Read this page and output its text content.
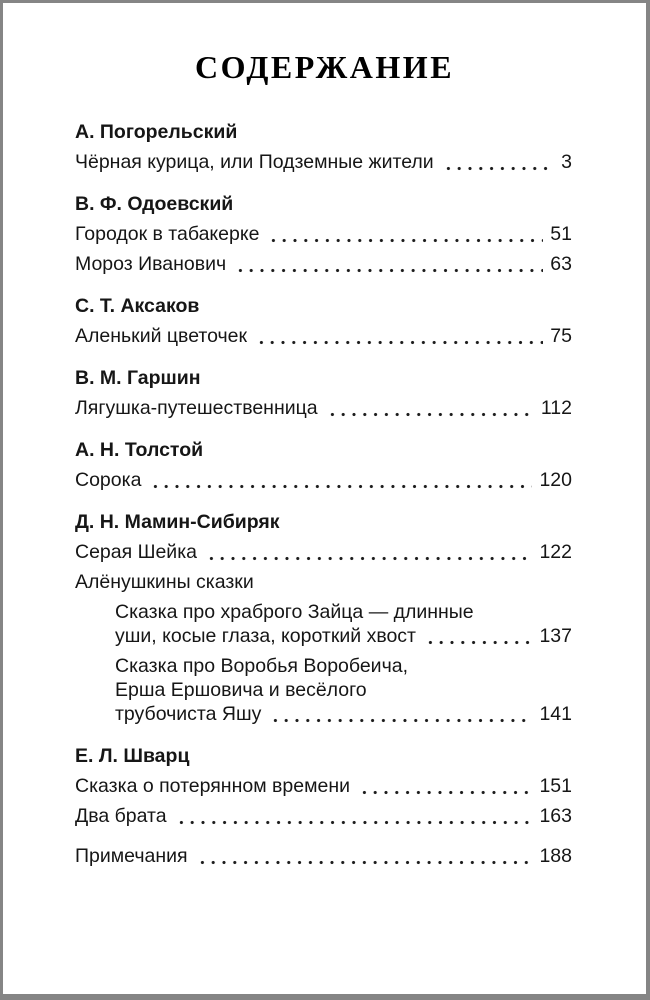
СОДЕРЖАНИЕ
А. Погорельский
Чёрная курица, или Подземные жители	3
В. Ф. Одоевский
Городок в табакерке	51
Мороз Иванович	63
С. Т. Аксаков
Аленький цветочек	75
В. М. Гаршин
Лягушка-путешественница	112
А. Н. Толстой
Сорока	120
Д. Н. Мамин-Сибиряк
Серая Шейка	122
Алёнушкины сказки
Сказка про храброго Зайца — длинные
уши, косые глаза, короткий хвост	137
Сказка про Воробья Воробеича,
Ерша Ершовича и весёлого
трубочиста Яшу	141
Е. Л. Шварц
Сказка о потерянном времени	151
Два брата	163
Примечания	188
